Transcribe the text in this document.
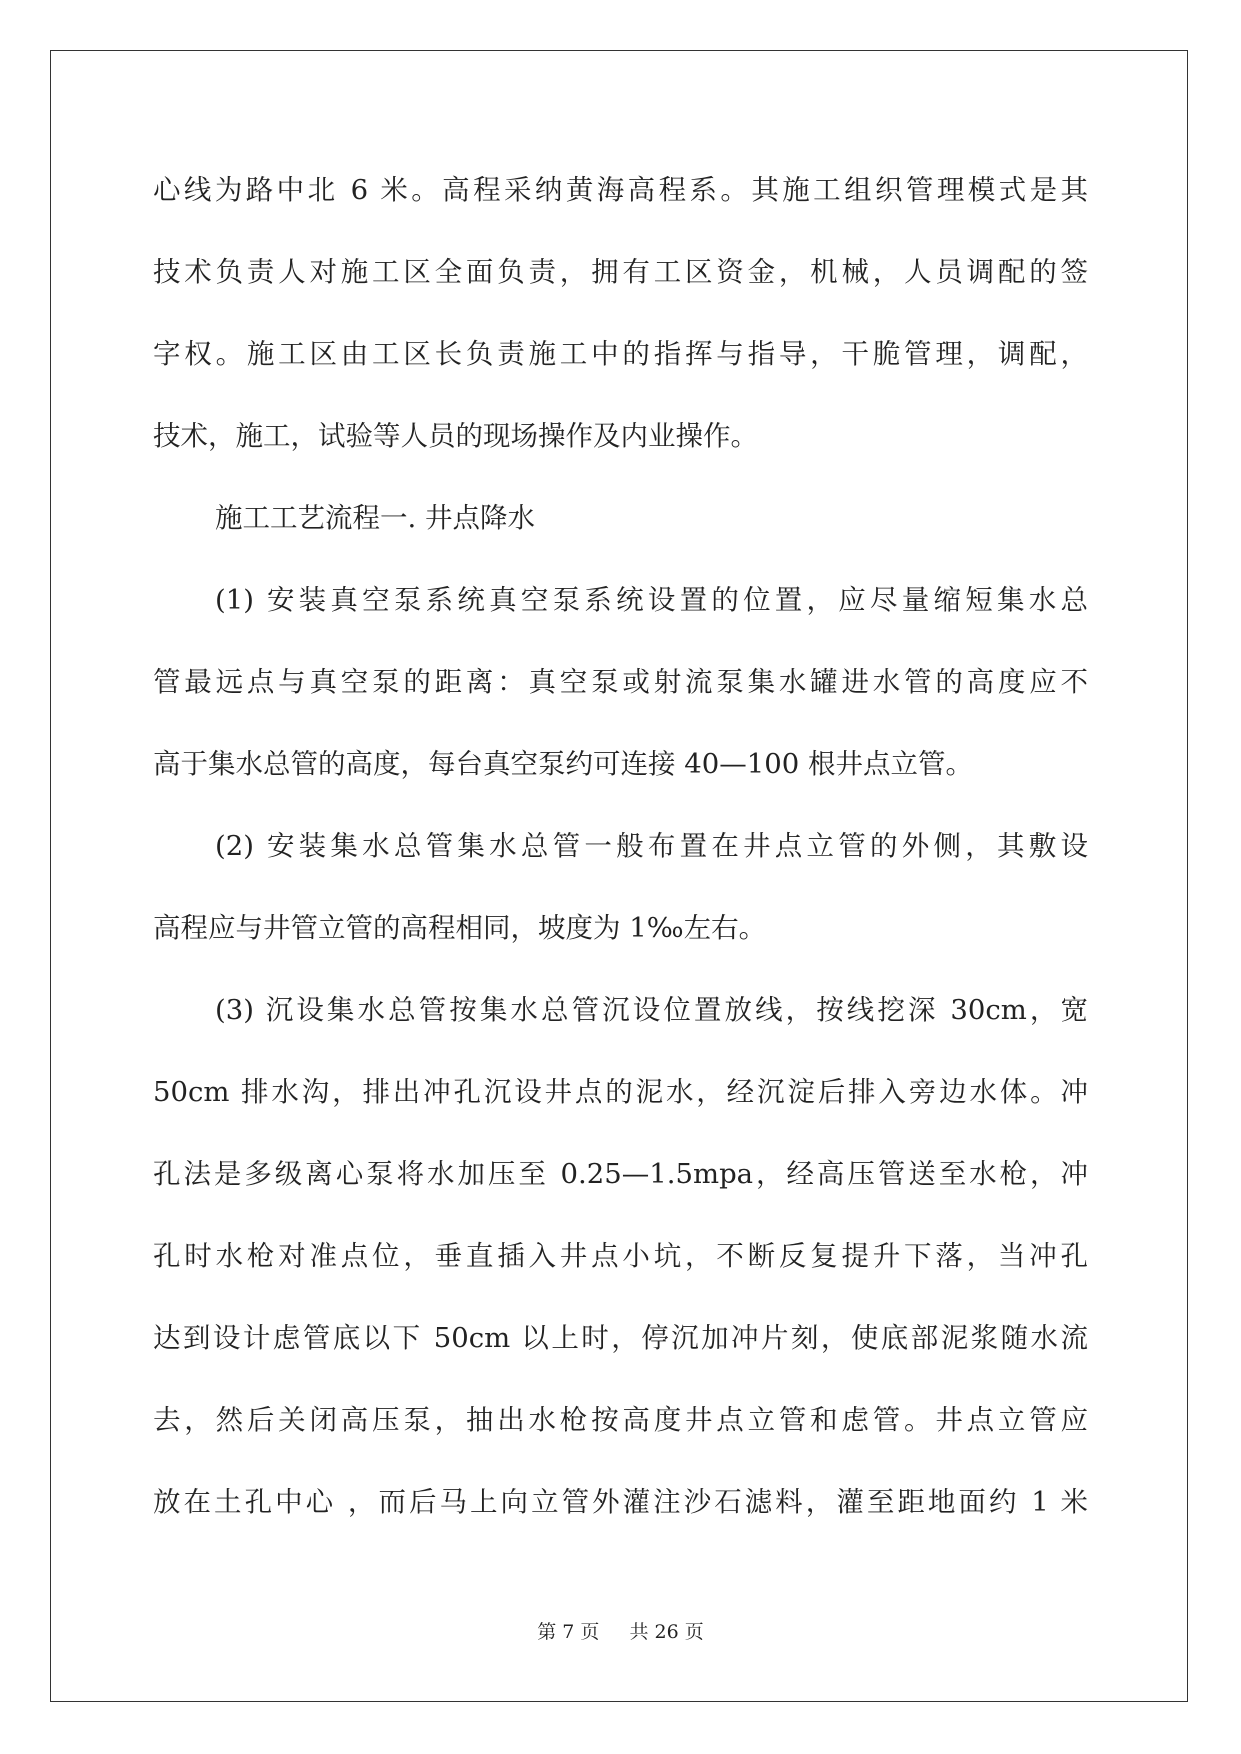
心线为路中北 6 米。高程采纳黄海高程系。其施工组织管理模式是其
技术负责人对施工区全面负责，拥有工区资金，机械，人员调配的签
字权。施工区由工区长负责施工中的指挥与指导，干脆管理，调配，
技术，施工，试验等人员的现场操作及内业操作。
施工工艺流程一. 井点降水
(1) 安装真空泵系统真空泵系统设置的位置，应尽量缩短集水总
管最远点与真空泵的距离：真空泵或射流泵集水罐进水管的高度应不
高于集水总管的高度，每台真空泵约可连接 40—100 根井点立管。
(2) 安装集水总管集水总管一般布置在井点立管的外侧，其敷设
高程应与井管立管的高程相同，坡度为 1‰左右。
(3) 沉设集水总管按集水总管沉设位置放线，按线挖深 30cm，宽
50cm 排水沟，排出冲孔沉设井点的泥水，经沉淀后排入旁边水体。冲
孔法是多级离心泵将水加压至 0.25—1.5mpa，经高压管送至水枪，冲
孔时水枪对准点位，垂直插入井点小坑，不断反复提升下落，当冲孔
达到设计虑管底以下 50cm 以上时，停沉加冲片刻，使底部泥浆随水流
去，然后关闭高压泵，抽出水枪按高度井点立管和虑管。井点立管应
放在土孔中心 ，而后马上向立管外灌注沙石滤料，灌至距地面约 1 米
第 7 页 共 26 页
